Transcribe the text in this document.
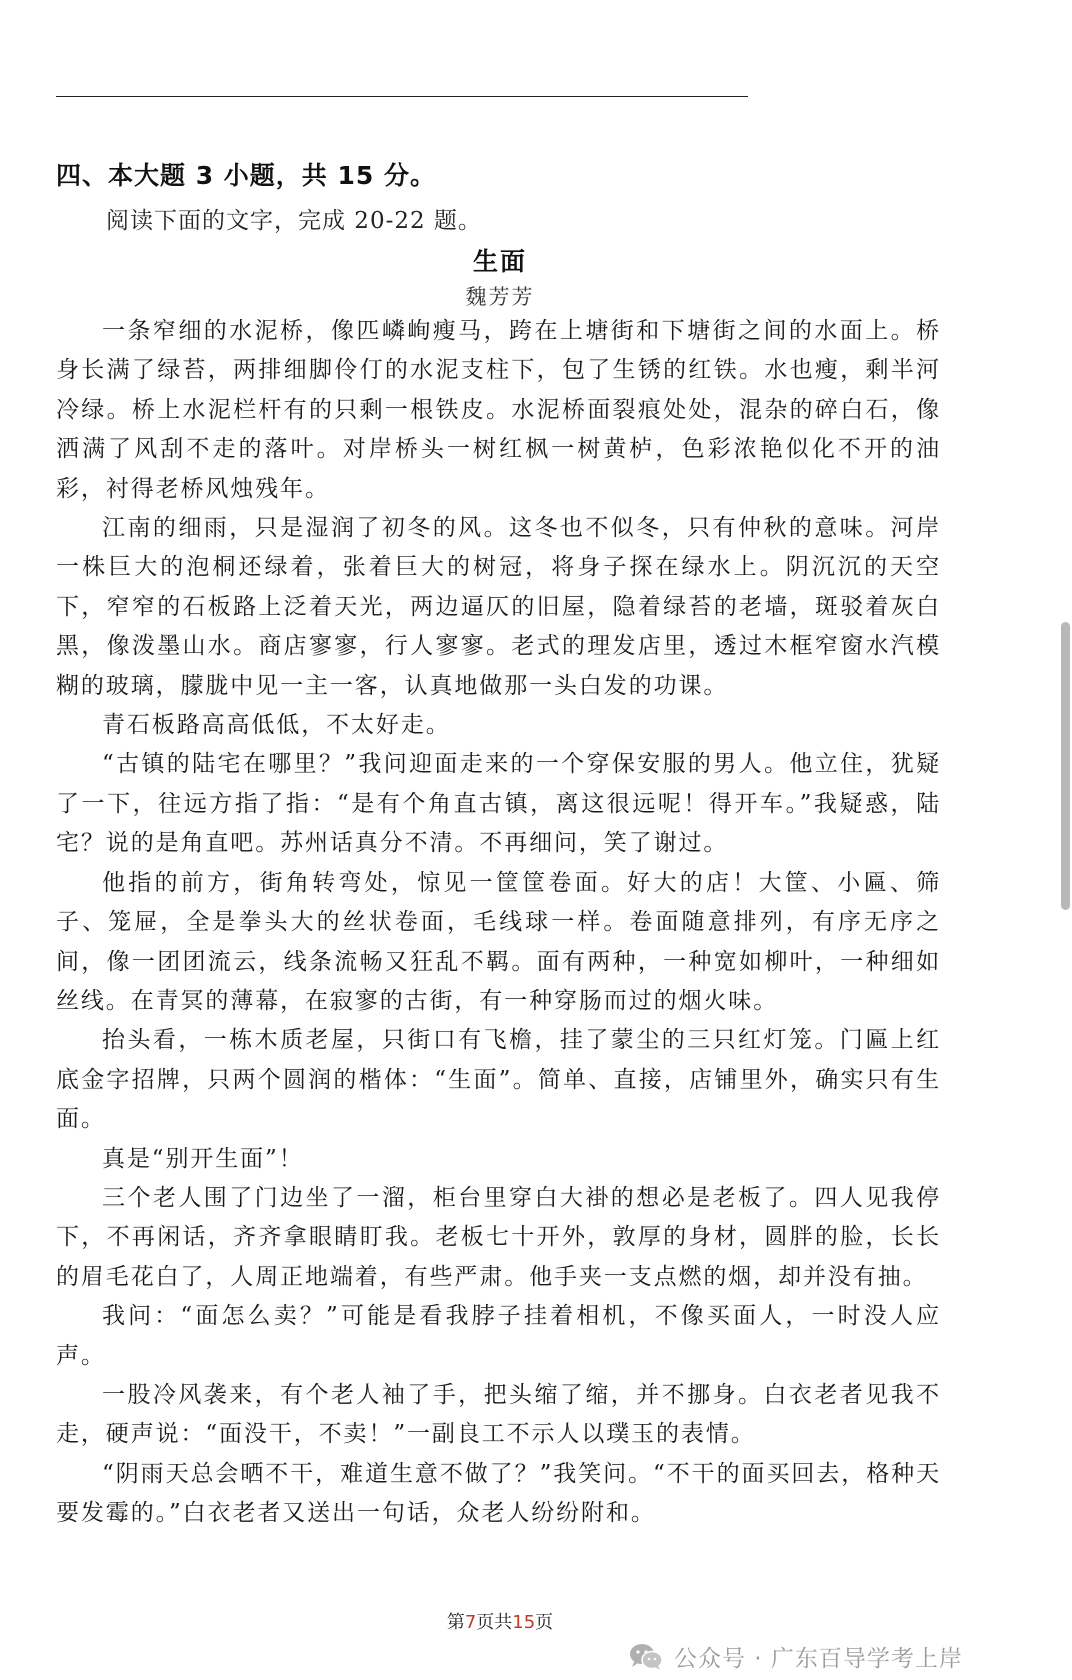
四、本大题 3 小题，共 15 分。
阅读下面的文字，完成 20-22 题。
生面
魏芳芳

一条窄细的水泥桥，像匹嶙峋瘦马，跨在上塘街和下塘街之间的水面上。桥身长满了绿苔，两排细脚伶仃的水泥支柱下，包了生锈的红铁。水也瘦，剩半河冷绿。桥上水泥栏杆有的只剩一根铁皮。水泥桥面裂痕处处，混杂的碎白石，像洒满了风刮不走的落叶。对岸桥头一树红枫一树黄栌，色彩浓艳似化不开的油彩，衬得老桥风烛残年。

江南的细雨，只是湿润了初冬的风。这冬也不似冬，只有仲秋的意味。河岸一株巨大的泡桐还绿着，张着巨大的树冠，将身子探在绿水上。阴沉沉的天空下，窄窄的石板路上泛着天光，两边逼仄的旧屋，隐着绿苔的老墙，斑驳着灰白黑，像泼墨山水。商店寥寥，行人寥寥。老式的理发店里，透过木框窄窗水汽模糊的玻璃，朦胧中见一主一客，认真地做那一头白发的功课。

青石板路高高低低，不太好走。

“古镇的陆宅在哪里？”我问迎面走来的一个穿保安服的男人。他立住，犹疑了一下，往远方指了指：“是有个角直古镇，离这很远呢！得开车。”我疑惑，陆宅？说的是角直吧。苏州话真分不清。不再细问，笑了谢过。

他指的前方，街角转弯处，惊见一筐筐卷面。好大的店！大筐、小匾、筛子、笼屉，全是拳头大的丝状卷面，毛线球一样。卷面随意排列，有序无序之间，像一团团流云，线条流畅又狂乱不羁。面有两种，一种宽如柳叶，一种细如丝线。在青冥的薄幕，在寂寥的古街，有一种穿肠而过的烟火味。

抬头看，一栋木质老屋，只街口有飞檐，挂了蒙尘的三只红灯笼。门匾上红底金字招牌，只两个圆润的楷体：“生面”。简单、直接，店铺里外，确实只有生面。

真是“别开生面”！

三个老人围了门边坐了一溜，柜台里穿白大褂的想必是老板了。四人见我停下，不再闲话，齐齐拿眼睛盯我。老板七十开外，敦厚的身材，圆胖的脸，长长的眉毛花白了，人周正地端着，有些严肃。他手夹一支点燃的烟，却并没有抽。

我问：“面怎么卖？”可能是看我脖子挂着相机，不像买面人，一时没人应声。

一股冷风袭来，有个老人袖了手，把头缩了缩，并不挪身。白衣老者见我不走，硬声说：“面没干，不卖！”一副良工不示人以璞玉的表情。

“阴雨天总会晒不干，难道生意不做了？”我笑问。“不干的面买回去，格种天要发霉的。”白衣老者又送出一句话，众老人纷纷附和。

第7页共15页
公众号 · 广东百导学考上岸
